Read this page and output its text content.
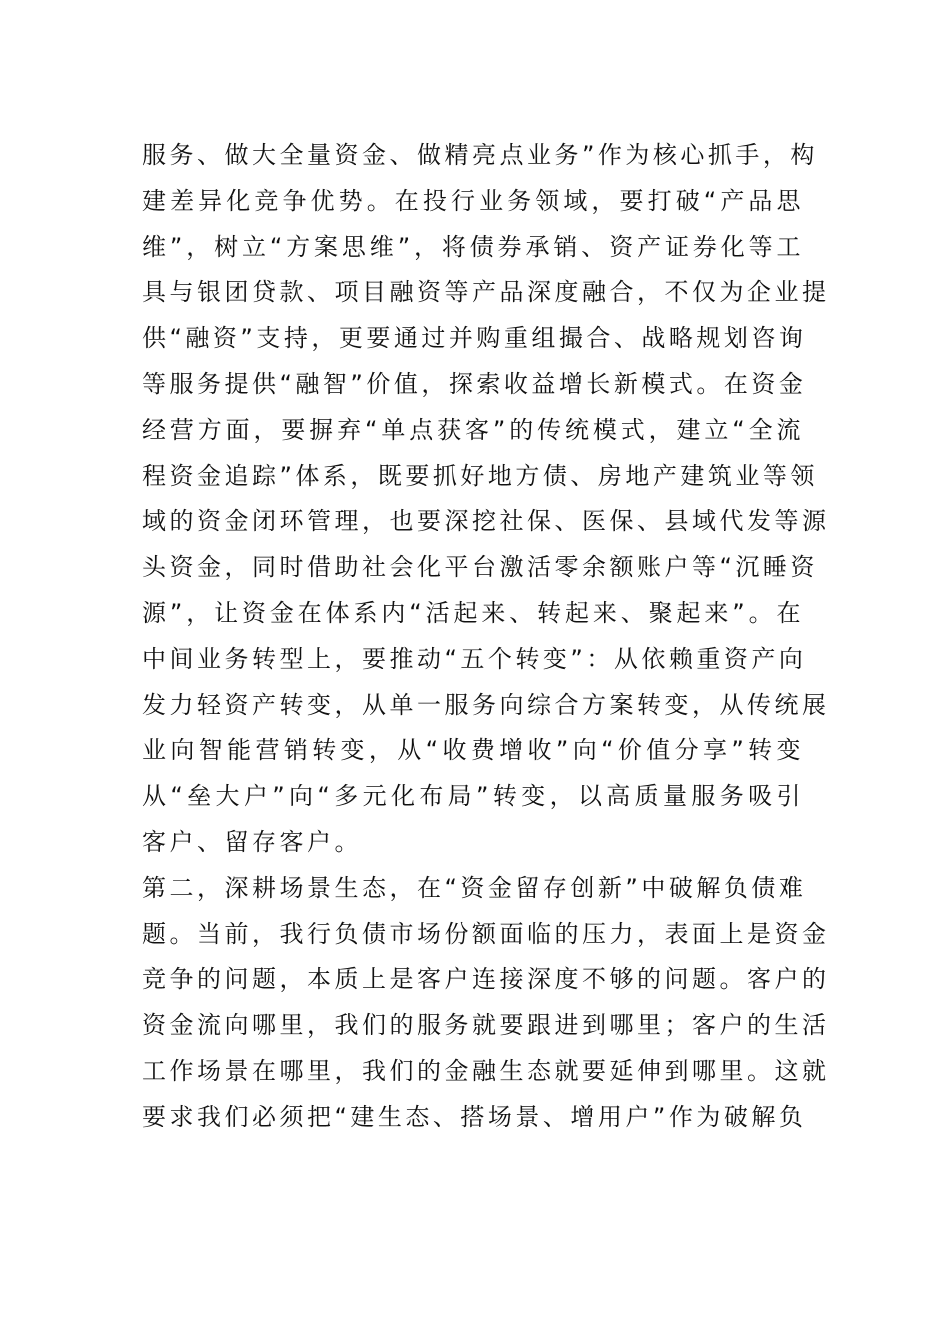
服务、做大全量资金、做精亮点业务”作为核心抓手，构
建差异化竞争优势。在投行业务领域，要打破“产品思
维”，树立“方案思维”，将债券承销、资产证券化等工
具与银团贷款、项目融资等产品深度融合，不仅为企业提
供“融资”支持，更要通过并购重组撮合、战略规划咨询
等服务提供“融智”价值，探索收益增长新模式。在资金
经营方面，要摒弃“单点获客”的传统模式，建立“全流
程资金追踪”体系，既要抓好地方债、房地产建筑业等领
域的资金闭环管理，也要深挖社保、医保、县域代发等源
头资金，同时借助社会化平台激活零余额账户等“沉睡资
源”，让资金在体系内“活起来、转起来、聚起来”。在
中间业务转型上，要推动“五个转变”：从依赖重资产向
发力轻资产转变，从单一服务向综合方案转变，从传统展
业向智能营销转变，从“收费增收”向“价值分享”转变
从“垒大户”向“多元化布局”转变，以高质量服务吸引
客户、留存客户。
第二，深耕场景生态，在“资金留存创新”中破解负债难
题。当前，我行负债市场份额面临的压力，表面上是资金
竞争的问题，本质上是客户连接深度不够的问题。客户的
资金流向哪里，我们的服务就要跟进到哪里；客户的生活
工作场景在哪里，我们的金融生态就要延伸到哪里。这就
要求我们必须把“建生态、搭场景、增用户”作为破解负
